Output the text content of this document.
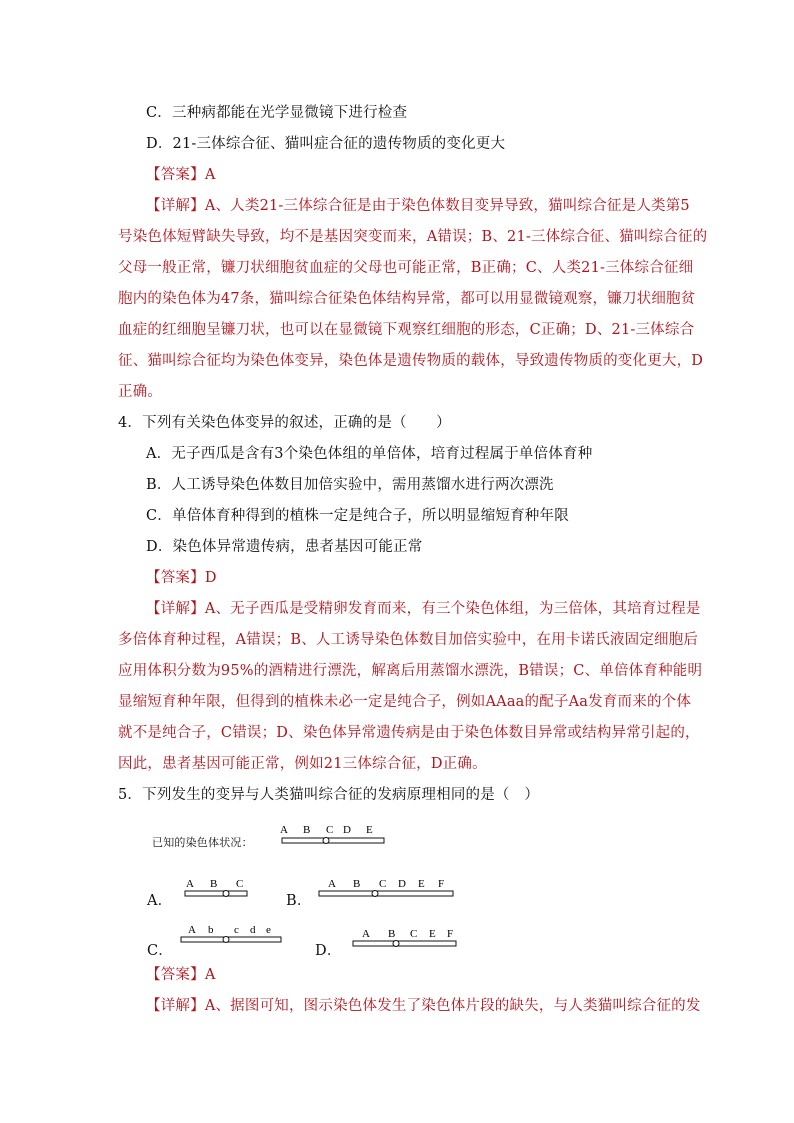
C．三种病都能在光学显微镜下进行检查
D．21-三体综合征、猫叫症合征的遗传物质的变化更大
【答案】A
【详解】A、人类21-三体综合征是由于染色体数目变异导致，猫叫综合征是人类第5
号染色体短臂缺失导致，均不是基因突变而来，A错误；B、21-三体综合征、猫叫综合征的
父母一般正常，镰刀状细胞贫血症的父母也可能正常，B正确；C、人类21-三体综合征细
胞内的染色体为47条，猫叫综合征染色体结构异常，都可以用显微镜观察，镰刀状细胞贫
血症的红细胞呈镰刀状，也可以在显微镜下观察红细胞的形态，C正确；D、21-三体综合
征、猫叫综合征均为染色体变异，染色体是遗传物质的载体，导致遗传物质的变化更大，D
正确。
4．下列有关染色体变异的叙述，正确的是（　　）
A．无子西瓜是含有3个染色体组的单倍体，培育过程属于单倍体育种
B．人工诱导染色体数目加倍实验中，需用蒸馏水进行两次漂洗
C．单倍体育种得到的植株一定是纯合子，所以明显缩短育种年限
D．染色体异常遗传病，患者基因可能正常
【答案】D
【详解】A、无子西瓜是受精卵发育而来，有三个染色体组，为三倍体，其培育过程是
多倍体育种过程，A错误；B、人工诱导染色体数目加倍实验中，在用卡诺氏液固定细胞后
应用体积分数为95%的酒精进行漂洗，解离后用蒸馏水漂洗，B错误；C、单倍体育种能明
显缩短育种年限，但得到的植株未必一定是纯合子，例如AAaa的配子Aa发育而来的个体
就不是纯合子，C错误；D、染色体异常遗传病是由于染色体数目异常或结构异常引起的，
因此，患者基因可能正常，例如21三体综合征，D正确。
5．下列发生的变异与人类猫叫综合征的发病原理相同的是（　）
已知的染色体状况：
A B C D E
A．
A B C
B．
A B C D E F
C．
A b c d e
D．
A B C E F
【答案】A
【详解】A、据图可知，图示染色体发生了染色体片段的缺失，与人类猫叫综合征的发
